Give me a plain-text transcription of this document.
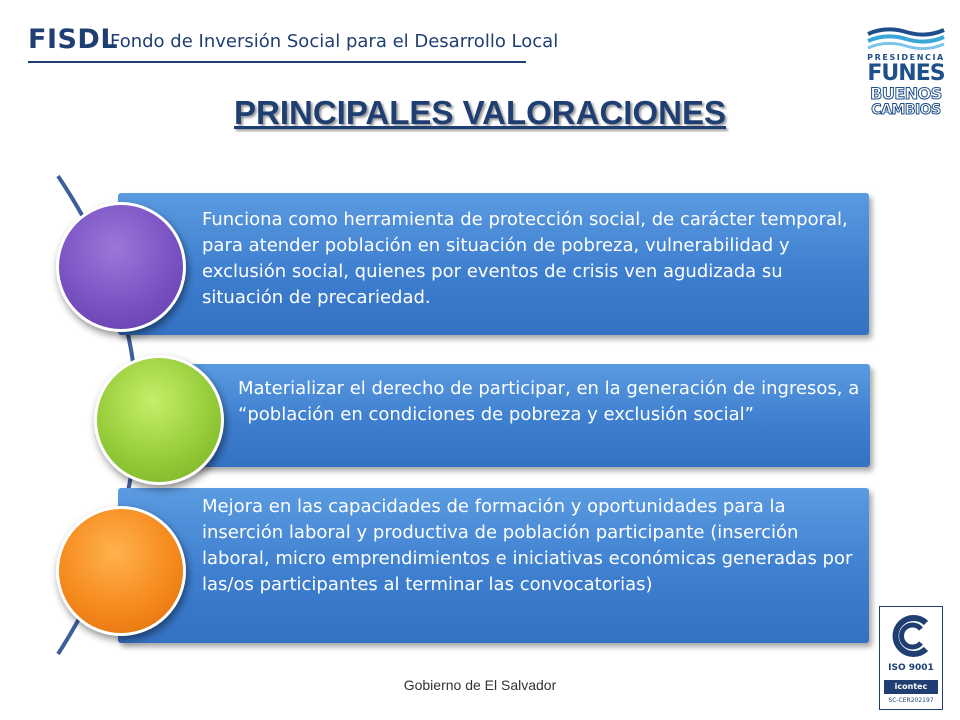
FISDL
Fondo de Inversión Social para el Desarrollo Local
PRESIDENCIA
FUNES
BUENOS
CAMBIOS
PRINCIPALES VALORACIONES
Funciona como herramienta de protección social, de carácter temporal, para atender población en situación de pobreza, vulnerabilidad y exclusión social, quienes por eventos de crisis ven agudizada su situación de precariedad.
Materializar el derecho de participar, en la generación de ingresos, a “población en condiciones de pobreza y exclusión social”
Mejora en las capacidades de formación y oportunidades para la inserción laboral y productiva de población participante (inserción laboral, micro emprendimientos e iniciativas económicas generadas por las/os participantes al terminar las convocatorias)
Gobierno de El Salvador
ISO 9001
icontec
SC-CER202197
